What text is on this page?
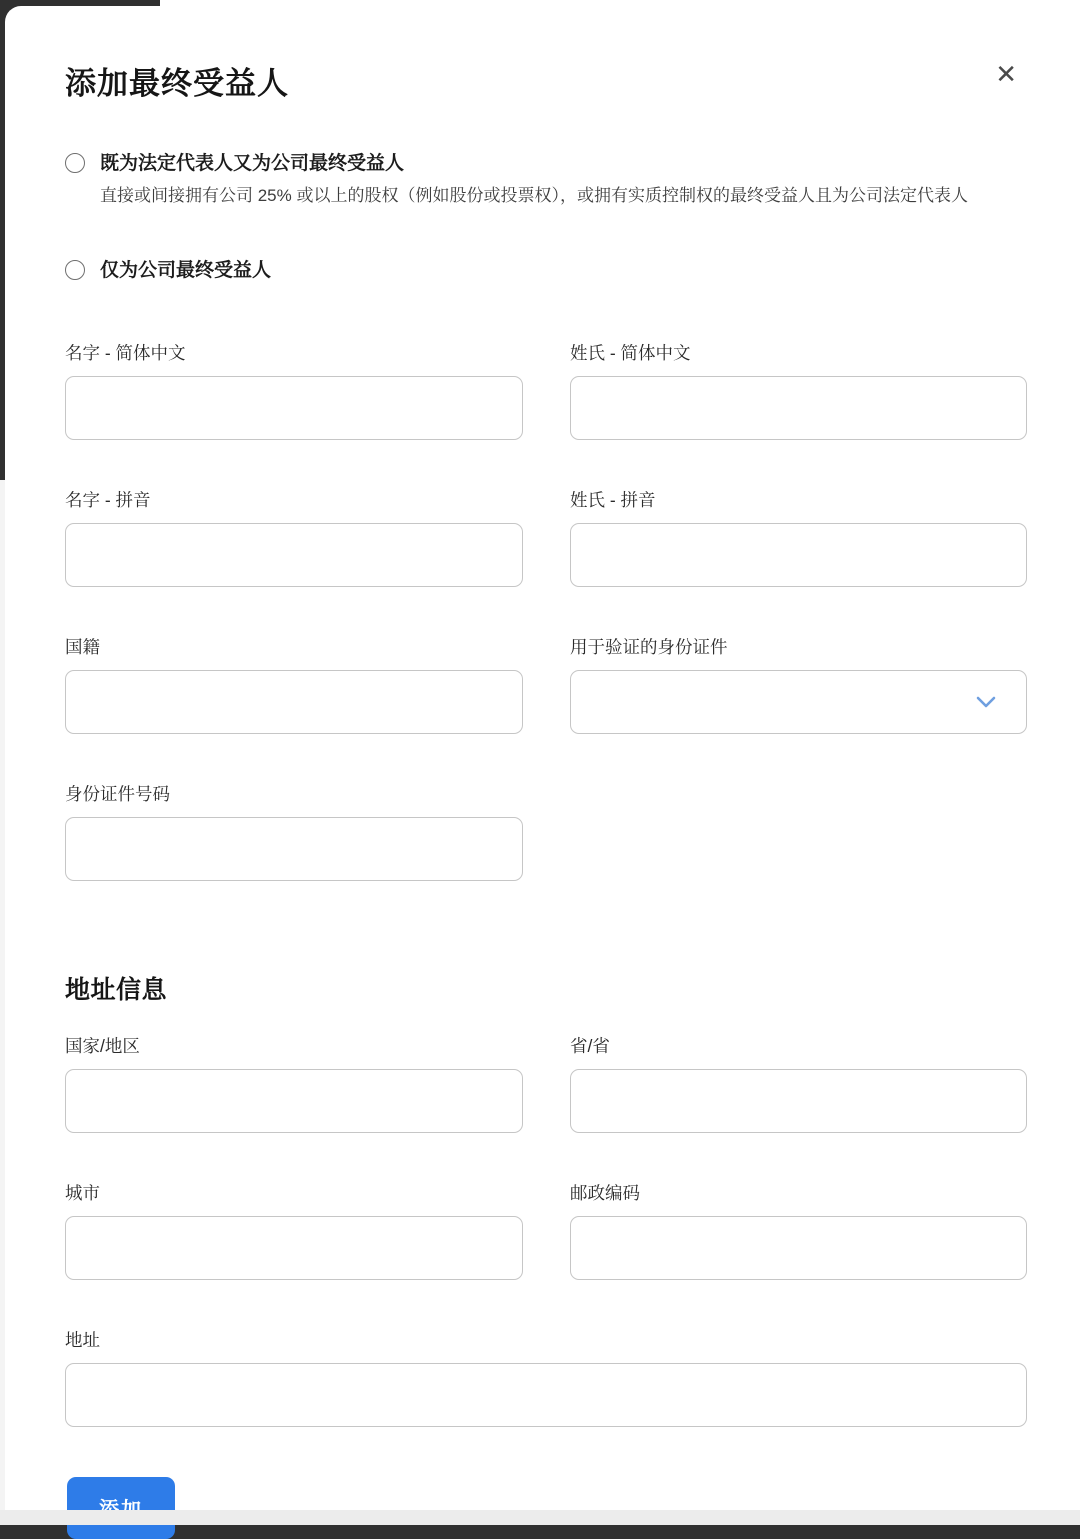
添加最终受益人	✕
既为法定代表人又为公司最终受益人
直接或间接拥有公司 25% 或以上的股权（例如股份或投票权），或拥有实质控制权的最终受益人且为公司法定代表人
仅为公司最终受益人
名字 - 简体中文	姓氏 - 简体中文
名字 - 拼音	姓氏 - 拼音
国籍	用于验证的身份证件
身份证件号码
地址信息
国家/地区	省/省
城市	邮政编码
地址
